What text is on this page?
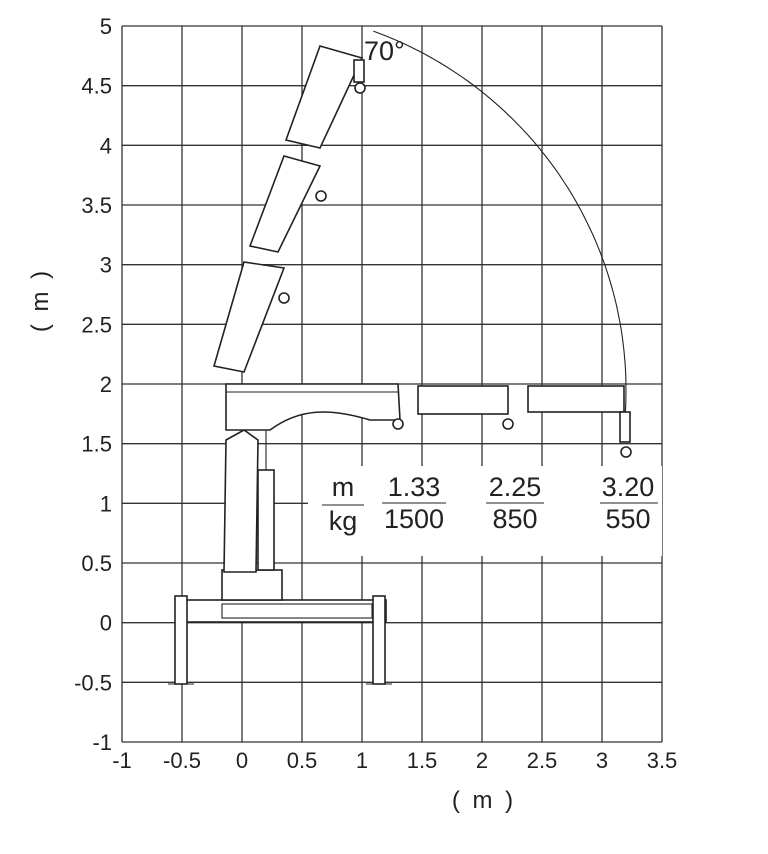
-1 -0.5 0 0.5 1 1.5 2 2.5 3 3.5
5
4.5
4
3.5
3
2.5
2
1.5
1
0.5
0
-0.5
-1
m
kg
1.33
1500
2.25
850
3.20
550
70°
( m )
( m )
